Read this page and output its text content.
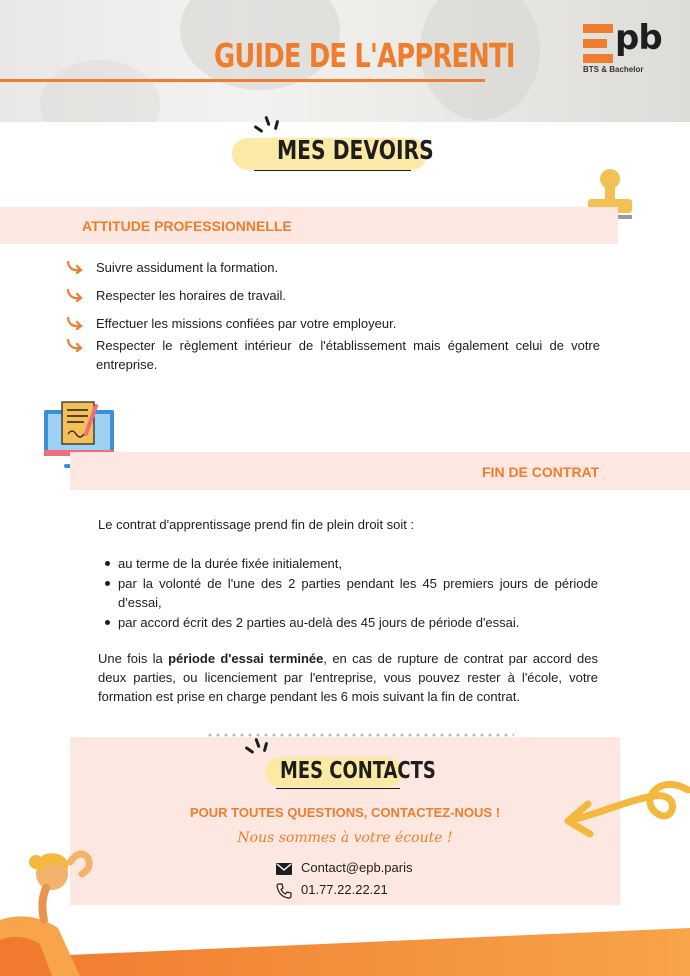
GUIDE DE L'APPRENTI	pb
BTS & Bachelor
MES DEVOIRS
ATTITUDE PROFESSIONNELLE
Suivre assidument la formation.
Respecter les horaires de travail.
Effectuer les missions confiées par votre employeur.
Respecter le règlement intérieur de l'établissement mais également celui de votre entreprise.
FIN DE CONTRAT
Le contrat d'apprentissage prend fin de plein droit soit :
au terme de la durée fixée initialement,
par la volonté de l'une des 2 parties pendant les 45 premiers jours de période d'essai,
par accord écrit des 2 parties au-delà des 45 jours de période d'essai.
Une fois la période d'essai terminée, en cas de rupture de contrat par accord des deux parties, ou licenciement par l'entreprise, vous pouvez rester à l'école, votre formation est prise en charge pendant les 6 mois suivant la fin de contrat.
MES CONTACTS
POUR TOUTES QUESTIONS, CONTACTEZ-NOUS !
Nous sommes à votre écoute !
Contact@epb.paris
01.77.22.22.21
